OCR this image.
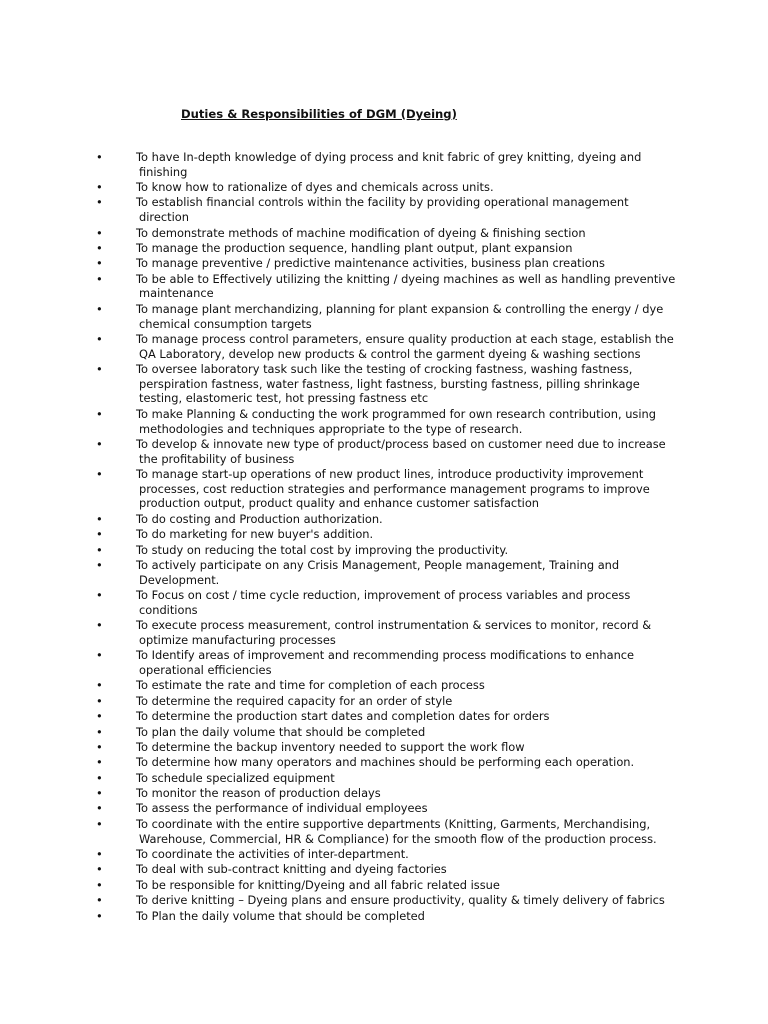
Duties & Responsibilities of DGM (Dyeing)
•	To have In-depth knowledge of dying process and knit fabric of grey knitting, dyeing and
finishing
•	To know how to rationalize of dyes and chemicals across units.
•	To establish financial controls within the facility by providing operational management
direction
•	To demonstrate methods of machine modification of dyeing & finishing section
•	To manage the production sequence, handling plant output, plant expansion
•	To manage preventive / predictive maintenance activities, business plan creations
•	To be able to Effectively utilizing the knitting / dyeing machines as well as handling preventive
maintenance
•	To manage plant merchandizing, planning for plant expansion & controlling the energy / dye
chemical consumption targets
•	To manage process control parameters, ensure quality production at each stage, establish the
QA Laboratory, develop new products & control the garment dyeing & washing sections
•	To oversee laboratory task such like the testing of crocking fastness, washing fastness,
perspiration fastness, water fastness, light fastness, bursting fastness, pilling shrinkage
testing, elastomeric test, hot pressing fastness etc
•	To make Planning & conducting the work programmed for own research contribution, using
methodologies and techniques appropriate to the type of research.
•	To develop & innovate new type of product/process based on customer need due to increase
the profitability of business
•	To manage start-up operations of new product lines, introduce productivity improvement
processes, cost reduction strategies and performance management programs to improve
production output, product quality and enhance customer satisfaction
•	To do costing and Production authorization.
•	To do marketing for new buyer's addition.
•	To study on reducing the total cost by improving the productivity.
•	To actively participate on any Crisis Management, People management, Training and
Development.
•	To Focus on cost / time cycle reduction, improvement of process variables and process
conditions
•	To execute process measurement, control instrumentation & services to monitor, record &
optimize manufacturing processes
•	To Identify areas of improvement and recommending process modifications to enhance
operational efficiencies
•	To estimate the rate and time for completion of each process
•	To determine the required capacity for an order of style
•	To determine the production start dates and completion dates for orders
•	To plan the daily volume that should be completed
•	To determine the backup inventory needed to support the work flow
•	To determine how many operators and machines should be performing each operation.
•	To schedule specialized equipment
•	To monitor the reason of production delays
•	To assess the performance of individual employees
•	To coordinate with the entire supportive departments (Knitting, Garments, Merchandising,
Warehouse, Commercial, HR & Compliance) for the smooth flow of the production process.
•	To coordinate the activities of inter-department.
•	To deal with sub-contract knitting and dyeing factories
•	To be responsible for knitting/Dyeing and all fabric related issue
•	To derive knitting – Dyeing plans and ensure productivity, quality & timely delivery of fabrics
•	To Plan the daily volume that should be completed
